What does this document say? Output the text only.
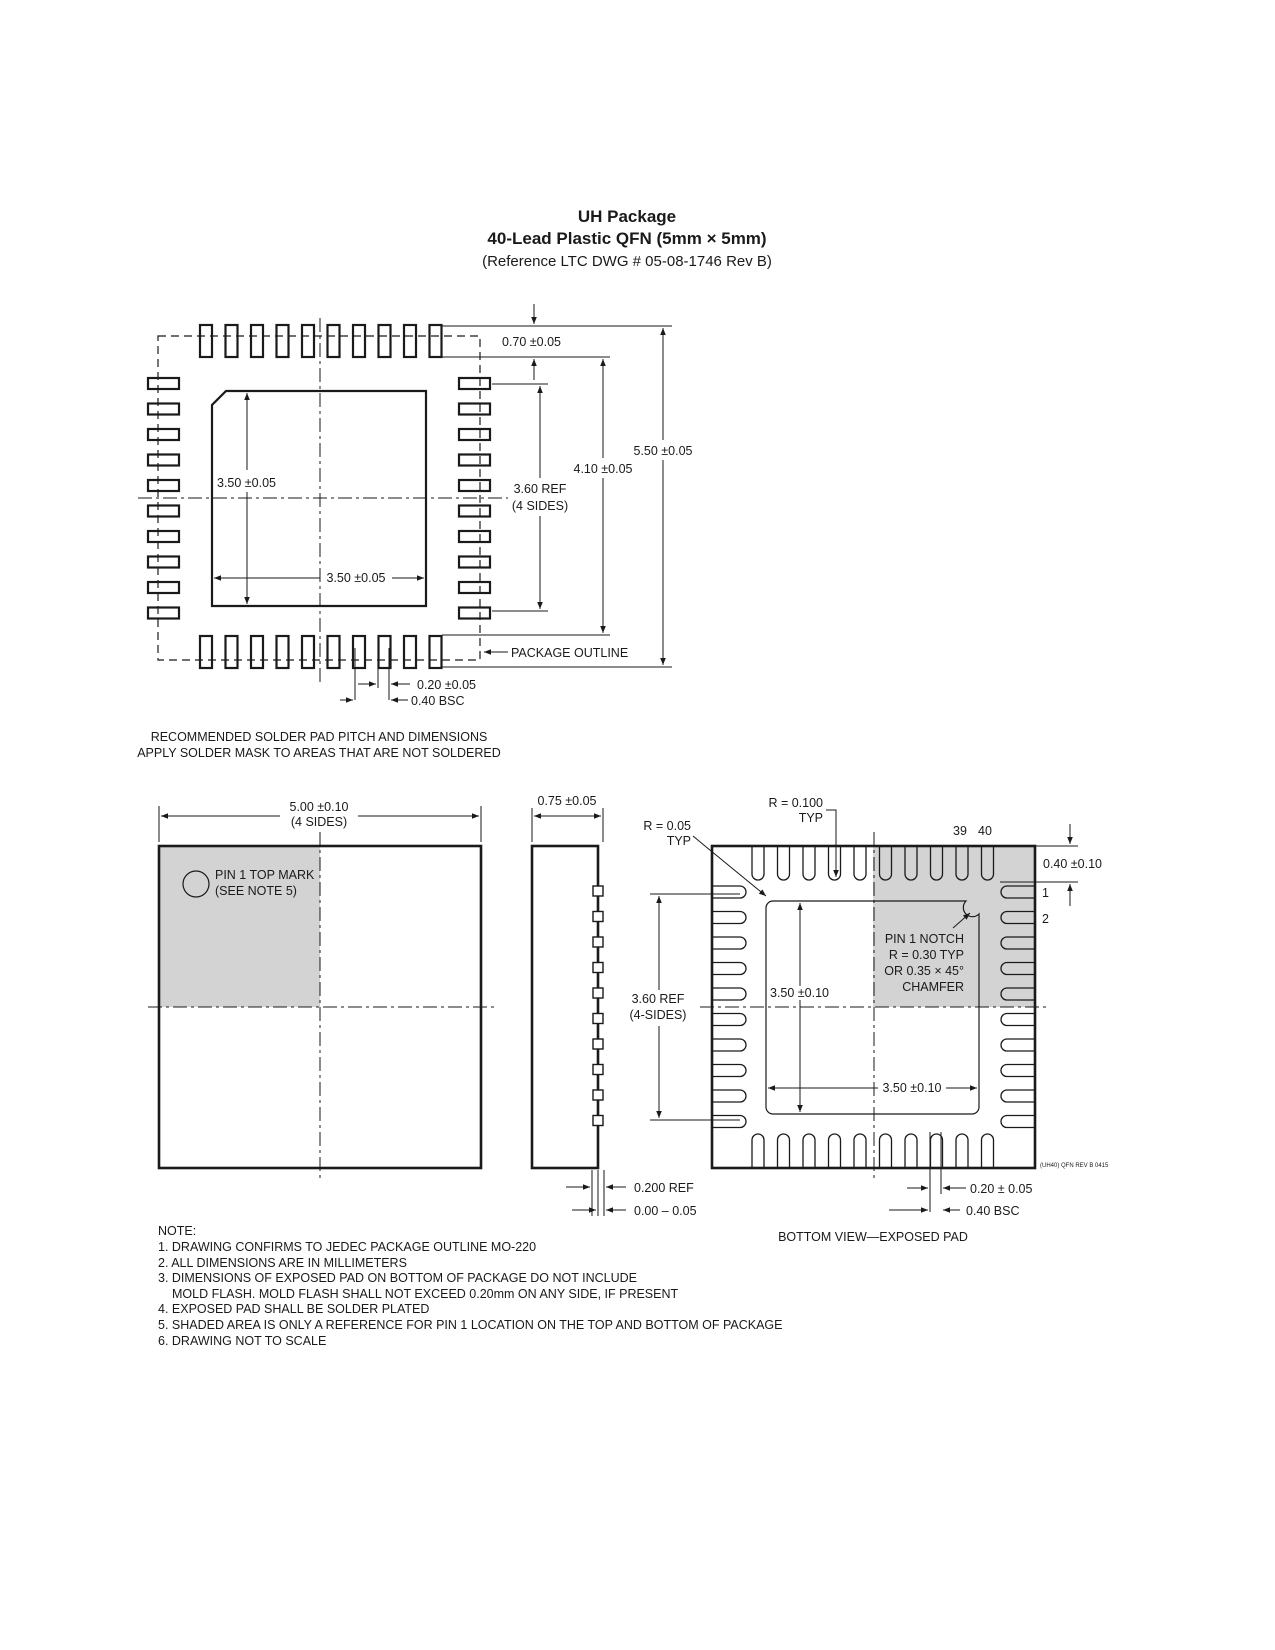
UH Package
40-Lead Plastic QFN (5mm × 5mm)
(Reference LTC DWG # 05-08-1746 Rev B)
0.70 ±0.05
3.50 ±0.05
3.50 ±0.05
3.60 REF
(4 SIDES)
4.10 ±0.05
5.50 ±0.05
PACKAGE OUTLINE
0.20 ±0.05
0.40 BSC
RECOMMENDED SOLDER PAD PITCH AND DIMENSIONS
APPLY SOLDER MASK TO AREAS THAT ARE NOT SOLDERED
5.00 ±0.10
(4 SIDES)
PIN 1 TOP MARK
(SEE NOTE 5)
0.75 ±0.05
0.200 REF
0.00 – 0.05
R = 0.05
TYP
R = 0.100
TYP
39 40
1
2
0.40 ±0.10
PIN 1 NOTCH
R = 0.30 TYP
OR 0.35 × 45°
CHAMFER
3.60 REF
(4-SIDES)
3.50 ±0.10
3.50 ±0.10
(UH40) QFN REV B 0415
0.20 ± 0.05
0.40 BSC
BOTTOM VIEW—EXPOSED PAD
NOTE:
1. DRAWING CONFIRMS TO JEDEC PACKAGE OUTLINE MO-220
2. ALL DIMENSIONS ARE IN MILLIMETERS
3. DIMENSIONS OF EXPOSED PAD ON BOTTOM OF PACKAGE DO NOT INCLUDE
MOLD FLASH. MOLD FLASH SHALL NOT EXCEED 0.20mm ON ANY SIDE, IF PRESENT
4. EXPOSED PAD SHALL BE SOLDER PLATED
5. SHADED AREA IS ONLY A REFERENCE FOR PIN 1 LOCATION ON THE TOP AND BOTTOM OF PACKAGE
6. DRAWING NOT TO SCALE
